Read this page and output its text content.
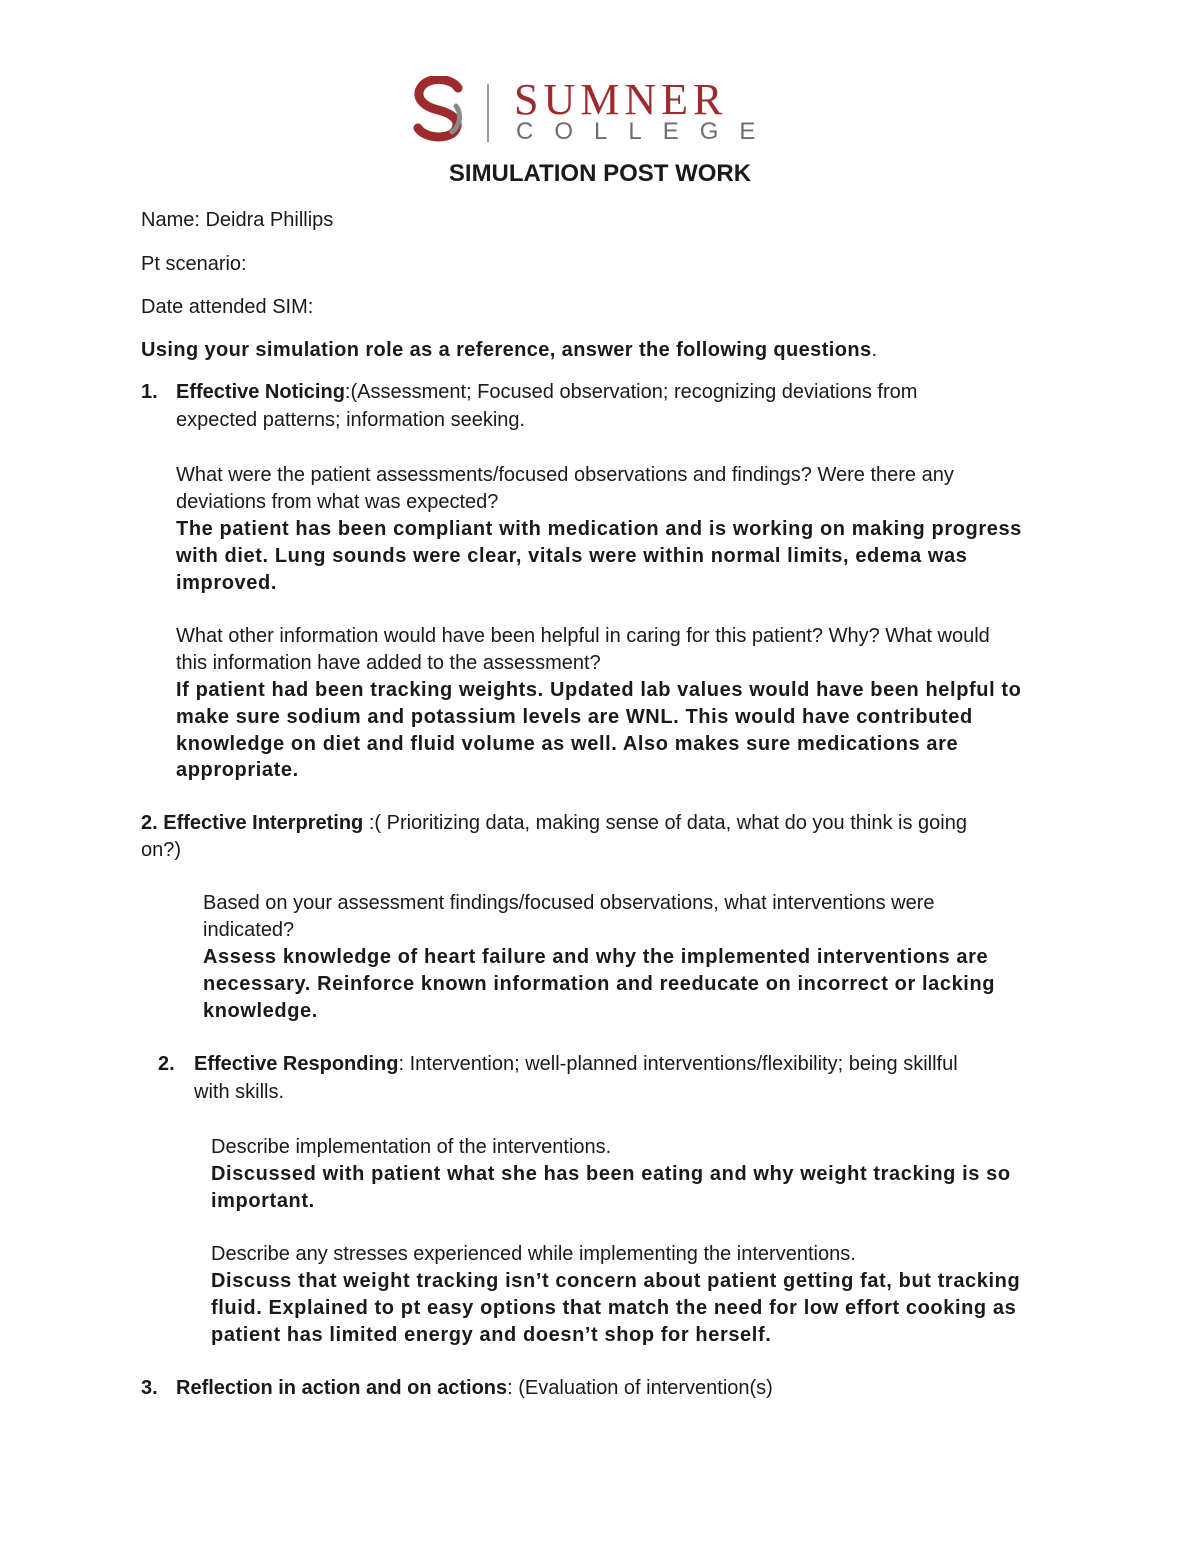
SUMNER
COLLEGE
SIMULATION POST WORK
Name: Deidra Phillips
Pt scenario:
Date attended SIM:
Using your simulation role as a reference, answer the following questions.
1. Effective Noticing:(Assessment; Focused observation; recognizing deviations from
expected patterns; information seeking.
What were the patient assessments/focused observations and findings? Were there any
deviations from what was expected?
The patient has been compliant with medication and is working on making progress
with diet. Lung sounds were clear, vitals were within normal limits, edema was
improved.
What other information would have been helpful in caring for this patient? Why? What would
this information have added to the assessment?
If patient had been tracking weights. Updated lab values would have been helpful to
make sure sodium and potassium levels are WNL. This would have contributed
knowledge on diet and fluid volume as well. Also makes sure medications are
appropriate.
2. Effective Interpreting :( Prioritizing data, making sense of data, what do you think is going
on?)
Based on your assessment findings/focused observations, what interventions were
indicated?
Assess knowledge of heart failure and why the implemented interventions are
necessary. Reinforce known information and reeducate on incorrect or lacking
knowledge.
2. Effective Responding: Intervention; well-planned interventions/flexibility; being skillful
with skills.
Describe implementation of the interventions.
Discussed with patient what she has been eating and why weight tracking is so
important.
Describe any stresses experienced while implementing the interventions.
Discuss that weight tracking isn’t concern about patient getting fat, but tracking
fluid. Explained to pt easy options that match the need for low effort cooking as
patient has limited energy and doesn’t shop for herself.
3. Reflection in action and on actions: (Evaluation of intervention(s)
